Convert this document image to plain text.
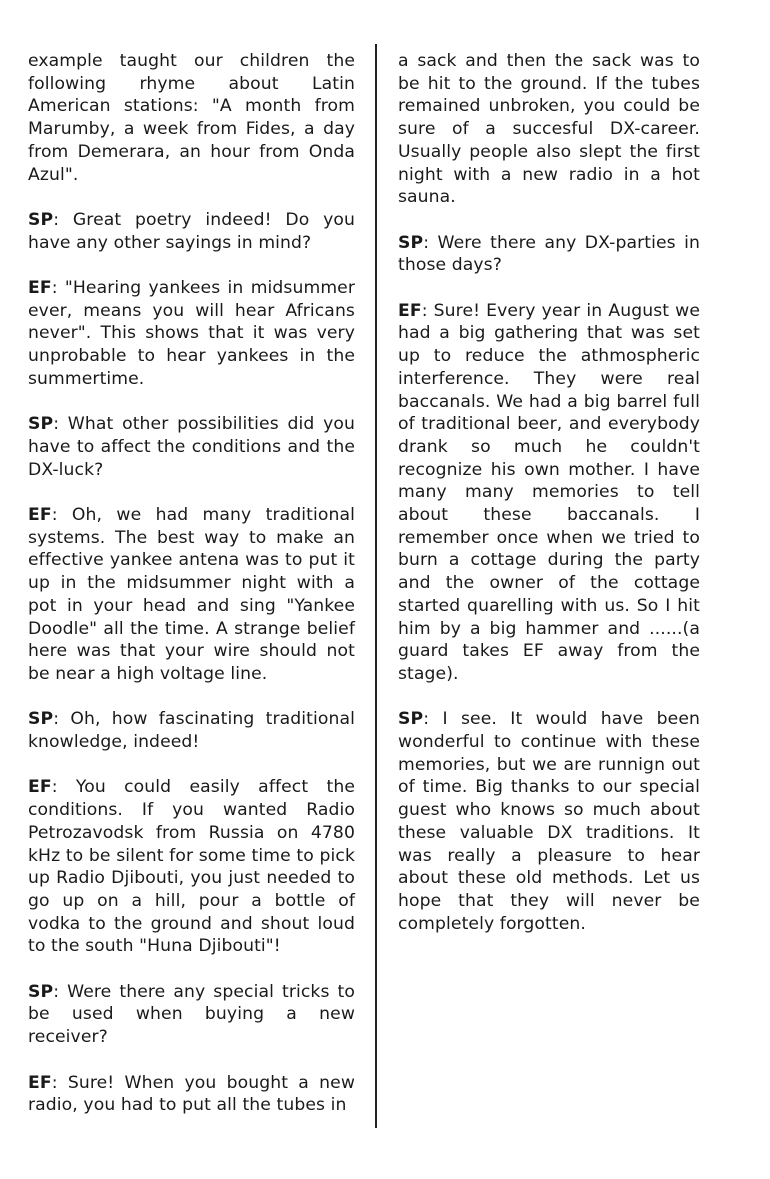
example taught our children the following rhyme about Latin American stations: "A month from Marumby, a week from Fides, a day from Demerara, an hour from Onda Azul".

SP: Great poetry indeed! Do you have any other sayings in mind?

EF: "Hearing yankees in midsummer ever, means you will hear Africans never". This shows that it was very unprobable to hear yankees in the summertime.

SP: What other possibilities did you have to affect the conditions and the DX-luck?

EF: Oh, we had many traditional systems. The best way to make an effective yankee antena was to put it up in the midsummer night with a pot in your head and sing "Yankee Doodle" all the time. A strange belief here was that your wire should not be near a high voltage line.

SP: Oh, how fascinating traditional knowledge, indeed!

EF: You could easily affect the conditions. If you wanted Radio Petrozavodsk from Russia on 4780 kHz to be silent for some time to pick up Radio Djibouti, you just needed to go up on a hill, pour a bottle of vodka to the ground and shout loud to the south "Huna Djibouti"!

SP: Were there any special tricks to be used when buying a new receiver?

EF: Sure! When you bought a new radio, you had to put all the tubes in

a sack and then the sack was to be hit to the ground. If the tubes remained unbroken, you could be sure of a succesful DX-career. Usually people also slept the first night with a new radio in a hot sauna.

SP: Were there any DX-parties in those days?

EF: Sure! Every year in August we had a big gathering that was set up to reduce the athmospheric interference. They were real baccanals. We had a big barrel full of traditional beer, and everybody drank so much he couldn't recognize his own mother. I have many many memories to tell about these baccanals. I remember once when we tried to burn a cottage during the party and the owner of the cottage started quarelling with us. So I hit him by a big hammer and ......(a guard takes EF away from the stage).

SP: I see. It would have been wonderful to continue with these memories, but we are runnign out of time. Big thanks to our special guest who knows so much about these valuable DX traditions. It was really a pleasure to hear about these old methods. Let us hope that they will never be completely forgotten.
